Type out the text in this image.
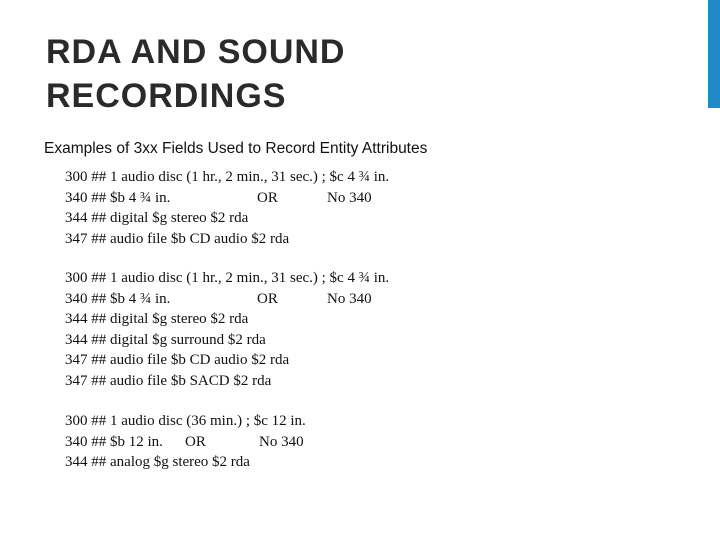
RDA AND SOUND
RECORDINGS

Examples of 3xx Fields Used to Record Entity Attributes

300 ## 1 audio disc (1 hr., 2 min., 31 sec.) ; $c 4 ¾ in.
340 ## $b 4 ¾ in.	OR	No 340
344 ## digital $g stereo $2 rda
347 ## audio file $b CD audio $2 rda
300 ## 1 audio disc (1 hr., 2 min., 31 sec.) ; $c 4 ¾ in.
340 ## $b 4 ¾ in.	OR	No 340
344 ## digital $g stereo $2 rda
344 ## digital $g surround $2 rda
347 ## audio file $b CD audio $2 rda
347 ## audio file $b SACD $2 rda
300 ## 1 audio disc (36 min.) ; $c 12 in.
340 ## $b 12 in. OR	No 340
344 ## analog $g stereo $2 rda
